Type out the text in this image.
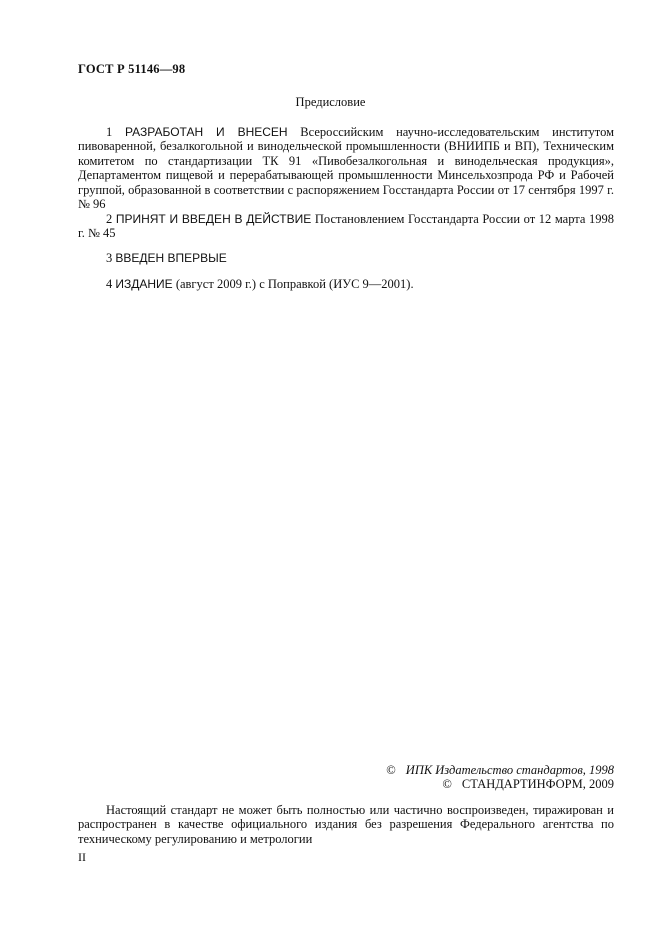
ГОСТ Р 51146—98
Предисловие
1 РАЗРАБОТАН И ВНЕСЕН Всероссийским научно-исследовательским институтом пивоваренной, безалкогольной и винодельческой промышленности (ВНИИПБ и ВП), Техническим комитетом по стандартизации ТК 91 «Пивобезалкогольная и винодельческая продукция», Департаментом пищевой и перерабатывающей промышленности Минсельхозпрода РФ и Рабочей группой, образованной в соответствии с распоряжением Госстандарта России от 17 сентября 1997 г. № 96
2 ПРИНЯТ И ВВЕДЕН В ДЕЙСТВИЕ Постановлением Госстандарта России от 12 марта 1998 г. № 45
3 ВВЕДЕН ВПЕРВЫЕ
4 ИЗДАНИЕ (август 2009 г.) с Поправкой (ИУС 9—2001).
© ИПК Издательство стандартов, 1998
© СТАНДАРТИНФОРМ, 2009
Настоящий стандарт не может быть полностью или частично воспроизведен, тиражирован и распространен в качестве официального издания без разрешения Федерального агентства по техническому регулированию и метрологии
II
